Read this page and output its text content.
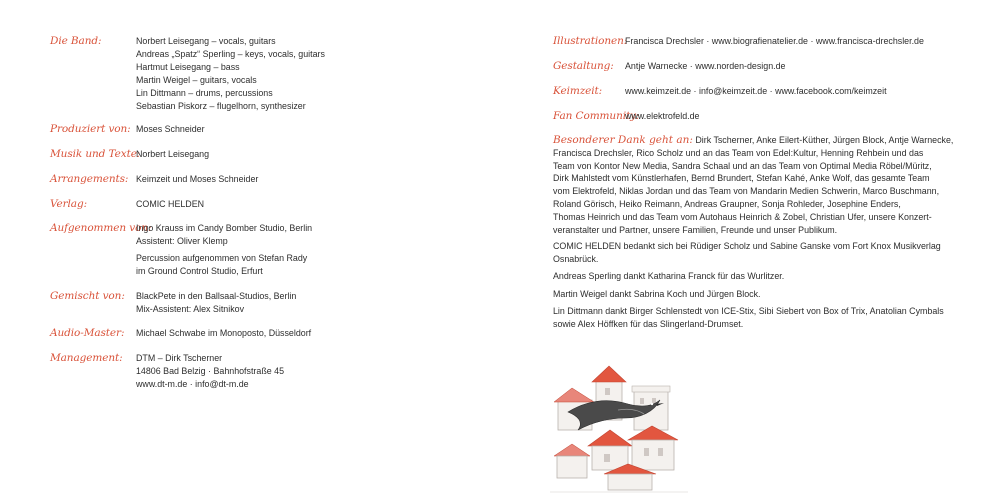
Die Band:	Norbert Leisegang – vocals, guitars
Andreas „Spatz“ Sperling – keys, vocals, guitars
Hartmut Leisegang – bass
Martin Weigel – guitars, vocals
Lin Dittmann – drums, percussions
Sebastian Piskorz – flugelhorn, synthesizer
Produziert von: Moses Schneider
Musik und Texte:
Norbert Leisegang
Arrangements: Keimzeit und Moses Schneider
Verlag:	COMIC HELDEN
Aufgenommen von:
Ingo Krauss im Candy Bomber Studio, Berlin
Assistent: Oliver Klemp
Percussion aufgenommen von Stefan Rady
im Ground Control Studio, Erfurt
Gemischt von: BlackPete in den Ballsaal-Studios, Berlin
Mix-Assistent: Alex Sitnikov
Audio-Master: Michael Schwabe im Monoposto, Düsseldorf
Management: DTM – Dirk Tscherner
14806 Bad Belzig · Bahnhofstraße 45
www.dt-m.de · info@dt-m.de
Illustrationen:
Francisca Drechsler · www.biografienatelier.de · www.francisca-drechsler.de
Gestaltung: Antje Warnecke · www.norden-design.de
Keimzeit:	www.keimzeit.de · info@keimzeit.de · www.facebook.com/keimzeit
Fan Community:
www.elektrofeld.de
Besonderer Dank geht an: Dirk Tscherner, Anke Eilert-Küther, Jürgen Block, Antje Warnecke,
Francisca Drechsler, Rico Scholz und an das Team von Edel:Kultur, Henning Rehbein und das
Team von Kontor New Media, Sandra Schaal und an das Team von Optimal Media Röbel/Müritz,
Dirk Mahlstedt vom Künstlerhafen, Bernd Brundert, Stefan Kahé, Anke Wolf, das gesamte Team
vom Elektrofeld, Niklas Jordan und das Team von Mandarin Medien Schwerin, Marco Buschmann,
Roland Görisch, Heiko Reimann, Andreas Graupner, Sonja Rohleder, Josephine Enders,
Thomas Heinrich und das Team vom Autohaus Heinrich & Zobel, Christian Ufer, unsere Konzert-
veranstalter und Partner, unsere Familien, Freunde und unser Publikum.
COMIC HELDEN bedankt sich bei Rüdiger Scholz und Sabine Ganske vom Fort Knox Musikverlag
Osnabrück.
Andreas Sperling dankt Katharina Franck für das Wurlitzer.
Martin Weigel dankt Sabrina Koch und Jürgen Block.
Lin Dittmann dankt Birger Schlenstedt von ICE-Stix, Sibi Siebert von Box of Trix, Anatolian Cymbals
sowie Alex Höffken für das Slingerland-Drumset.
